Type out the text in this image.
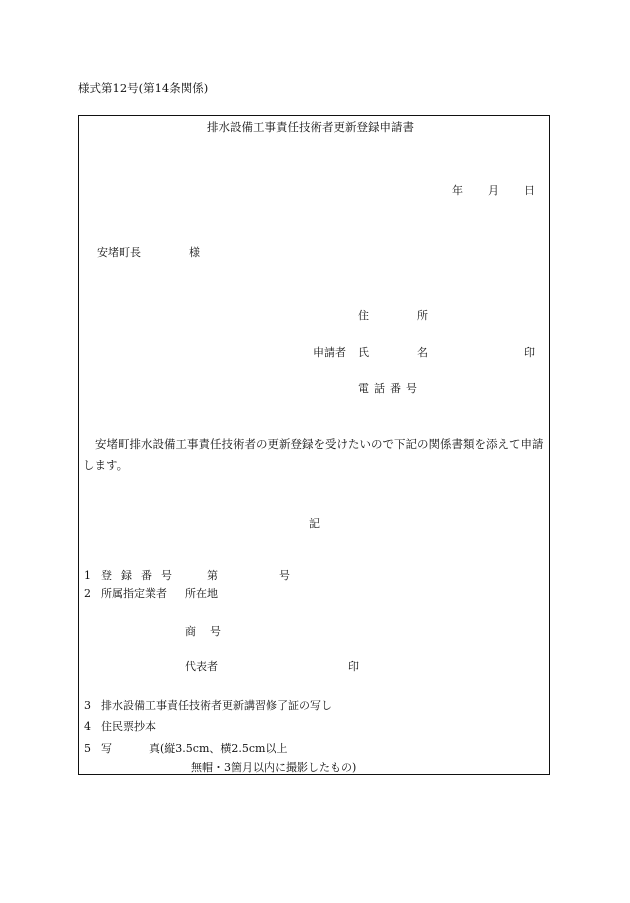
様式第12号(第14条関係)
排水設備工事責任技術者更新登録申請書
年 月 日
安堵町長	様
住所
申請者 氏名	印
電話番号
安堵町排水設備工事責任技術者の更新登録を受けたいので下記の関係書類を添えて申請します。
記
1 登録番号 第	号
2 所属指定業者 所在地
商号
代表者	印
3 排水設備工事責任技術者更新講習修了証の写し
4 住民票抄本
5 写	真(縦3.5cm、横2.5cm以上
無帽・3箇月以内に撮影したもの)
